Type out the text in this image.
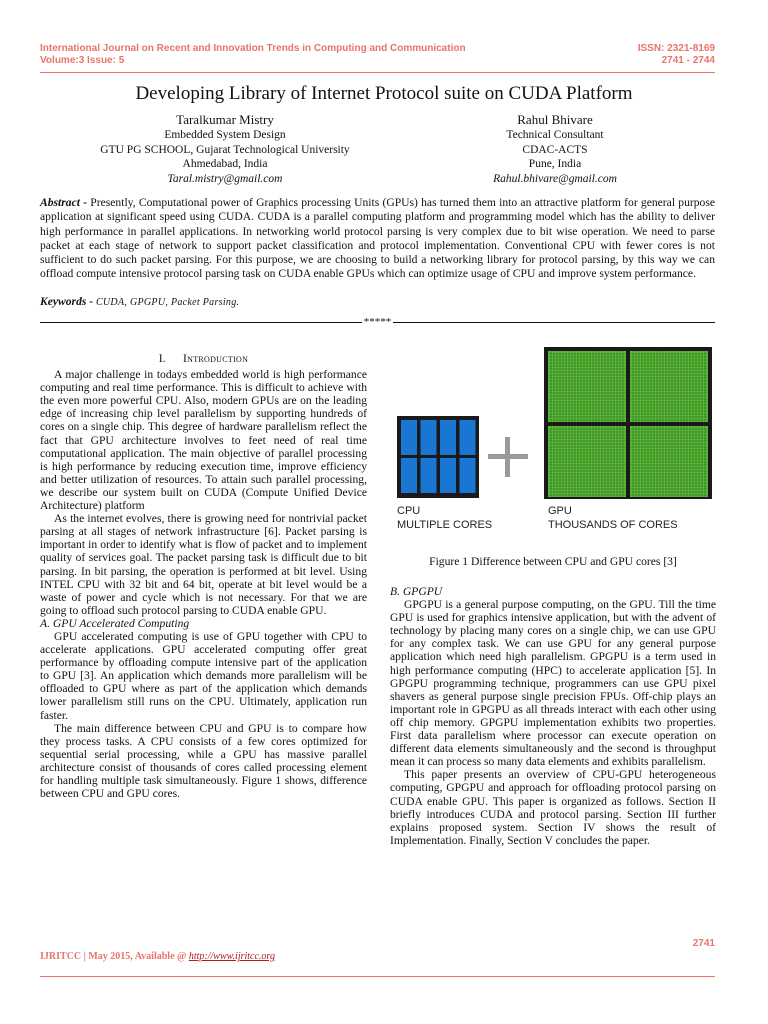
International Journal on Recent and Innovation Trends in Computing and Communication
Volume:3 Issue: 5
ISSN: 2321-8169
2741 - 2744
Developing Library of Internet Protocol suite on CUDA Platform
Taralkumar Mistry
Embedded System Design
GTU PG SCHOOL, Gujarat Technological University
Ahmedabad, India
Taral.mistry@gmail.com
Rahul Bhivare
Technical Consultant
CDAC-ACTS
Pune, India
Rahul.bhivare@gmail.com
Abstract - Presently, Computational power of Graphics processing Units (GPUs) has turned them into an attractive platform for general purpose application at significant speed using CUDA. CUDA is a parallel computing platform and programming model which has the ability to deliver high performance in parallel applications. In networking world protocol parsing is very complex due to bit wise operation. We need to parse packet at each stage of network to support packet classification and protocol implementation. Conventional CPU with fewer cores is not sufficient to do such packet parsing. For this purpose, we are choosing to build a networking library for protocol parsing, by this way we can offload compute intensive protocol parsing task on CUDA enable GPUs which can optimize usage of CPU and improve system performance.
Keywords - CUDA, GPGPU, Packet Parsing.
*****
I. Introduction

A major challenge in todays embedded world is high performance computing and real time performance. This is difficult to achieve with the even more powerful CPU. Also, modern GPUs are on the leading edge of increasing chip level parallelism by supporting hundreds of cores on a single chip. This degree of hardware parallelism reflect the fact that GPU architecture involves to feet need of real time computational application. The main objective of parallel processing is high performance by reducing execution time, improve efficiency and better utilization of resources. To attain such parallel processing, we describe our system built on CUDA (Compute Unified Device Architecture) platform

As the internet evolves, there is growing need for nontrivial packet parsing at all stages of network infrastructure [6]. Packet parsing is important in order to identify what is flow of packet and to implement quality of services goal. The packet parsing task is difficult due to bit parsing. In bit parsing, the operation is performed at bit level. Using INTEL CPU with 32 bit and 64 bit, operate at bit level would be a waste of power and cycle which is not necessary. For that we are going to offload such protocol parsing to CUDA enable GPU.

A. GPU Accelerated Computing

GPU accelerated computing is use of GPU together with CPU to accelerate applications. GPU accelerated computing offer great performance by offloading compute intensive part of the application to GPU [3]. An application which demands more parallelism will be offloaded to GPU where as part of the application which demands lower parallelism still runs on the CPU. Ultimately, application run faster.

The main difference between CPU and GPU is to compare how they process tasks. A CPU consists of a few cores optimized for sequential serial processing, while a GPU has massive parallel architecture consist of thousands of cores called processing element for handling multiple task simultaneously. Figure 1 shows, difference between CPU and GPU cores.

CPU
MULTIPLE CORES
GPU
THOUSANDS OF CORES
Figure 1 Difference between CPU and GPU cores [3]

B. GPGPU

GPGPU is a general purpose computing, on the GPU. Till the time GPU is used for graphics intensive application, but with the advent of technology by placing many cores on a single chip, we can use GPU for any complex task. We can use GPU for any general purpose application which need high parallelism. GPGPU is a term used in high performance computing (HPC) to accelerate application [5]. In GPGPU programming technique, programmers can use GPU pixel shavers as general purpose single precision FPUs. Off-chip plays an important role in GPGPU as all threads interact with each other using off chip memory. GPGPU implementation exhibits two properties. First data parallelism where processor can execute operation on different data elements simultaneously and the second is throughput mean it can process so many data elements and exhibits parallelism.

This paper presents an overview of CPU-GPU heterogeneous computing, GPGPU and approach for offloading protocol parsing on CUDA enable GPU. This paper is organized as follows. Section II briefly introduces CUDA and protocol parsing. Section III further explains proposed system. Section IV shows the result of Implementation. Finally, Section V concludes the paper.

2741
IJRITCC | May 2015, Available @ http://www.ijritcc.org
